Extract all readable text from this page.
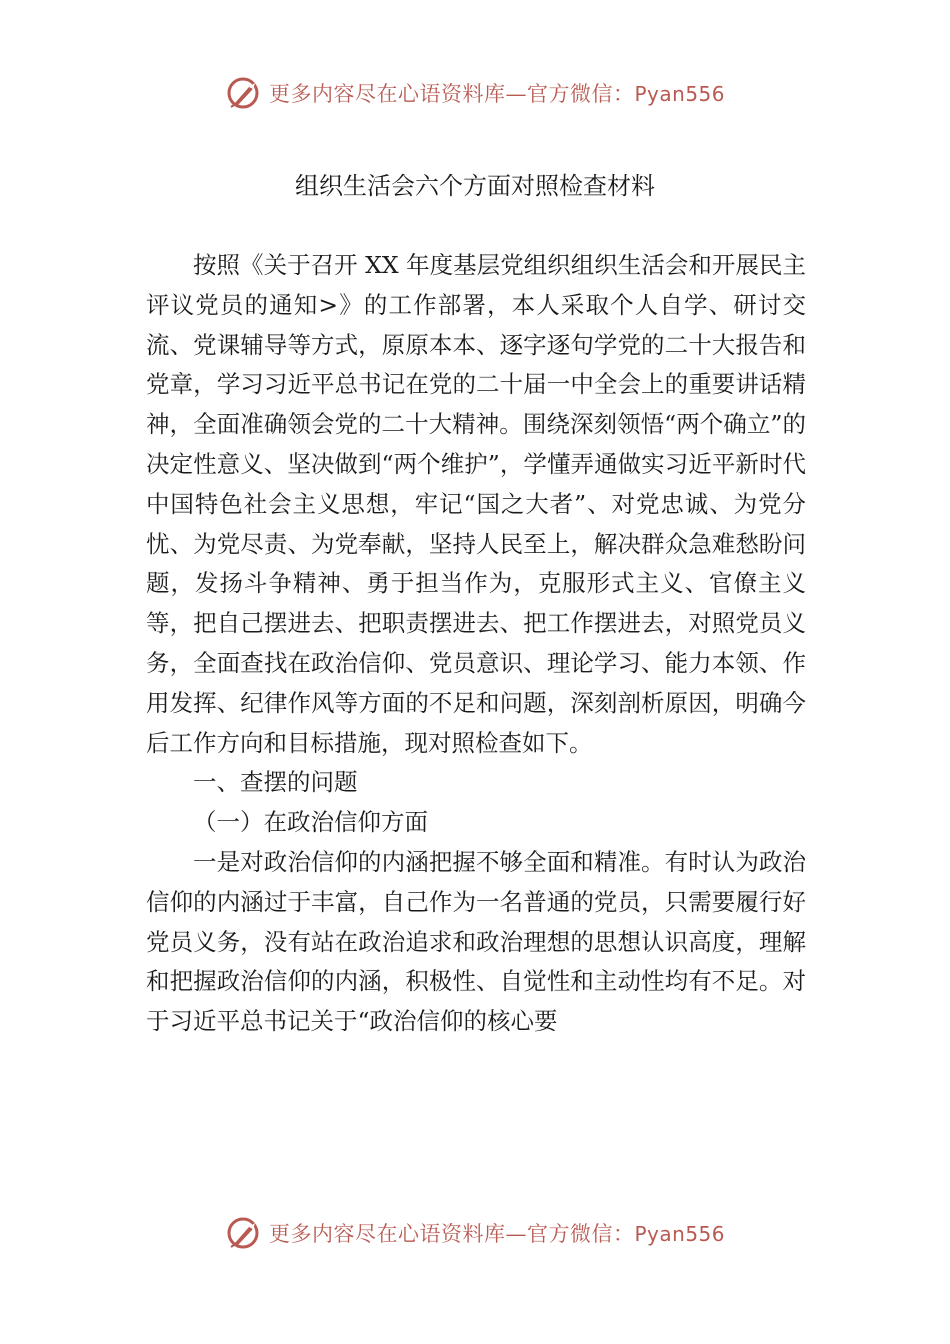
更多内容尽在心语资料库—官方微信：Pyan556
组织生活会六个方面对照检查材料

按照《关于召开 XX 年度基层党组织组织生活会和开展民主评议党员的通知>》的工作部署，本人采取个人自学、研讨交流、党课辅导等方式，原原本本、逐字逐句学党的二十大报告和党章，学习习近平总书记在党的二十届一中全会上的重要讲话精神，全面准确领会党的二十大精神。围绕深刻领悟“两个确立”的决定性意义、坚决做到“两个维护”，学懂弄通做实习近平新时代中国特色社会主义思想，牢记“国之大者”、对党忠诚、为党分忧、为党尽责、为党奉献，坚持人民至上，解决群众急难愁盼问题，发扬斗争精神、勇于担当作为，克服形式主义、官僚主义等，把自己摆进去、把职责摆进去、把工作摆进去，对照党员义务，全面查找在政治信仰、党员意识、理论学习、能力本领、作用发挥、纪律作风等方面的不足和问题，深刻剖析原因，明确今后工作方向和目标措施，现对照检查如下。

一、查摆的问题

（一）在政治信仰方面

一是对政治信仰的内涵把握不够全面和精准。有时认为政治信仰的内涵过于丰富，自己作为一名普通的党员，只需要履行好党员义务，没有站在政治追求和政治理想的思想认识高度，理解和把握政治信仰的内涵，积极性、自觉性和主动性均有不足。对于习近平总书记关于“政治信仰的核心要

更多内容尽在心语资料库—官方微信：Pyan556
